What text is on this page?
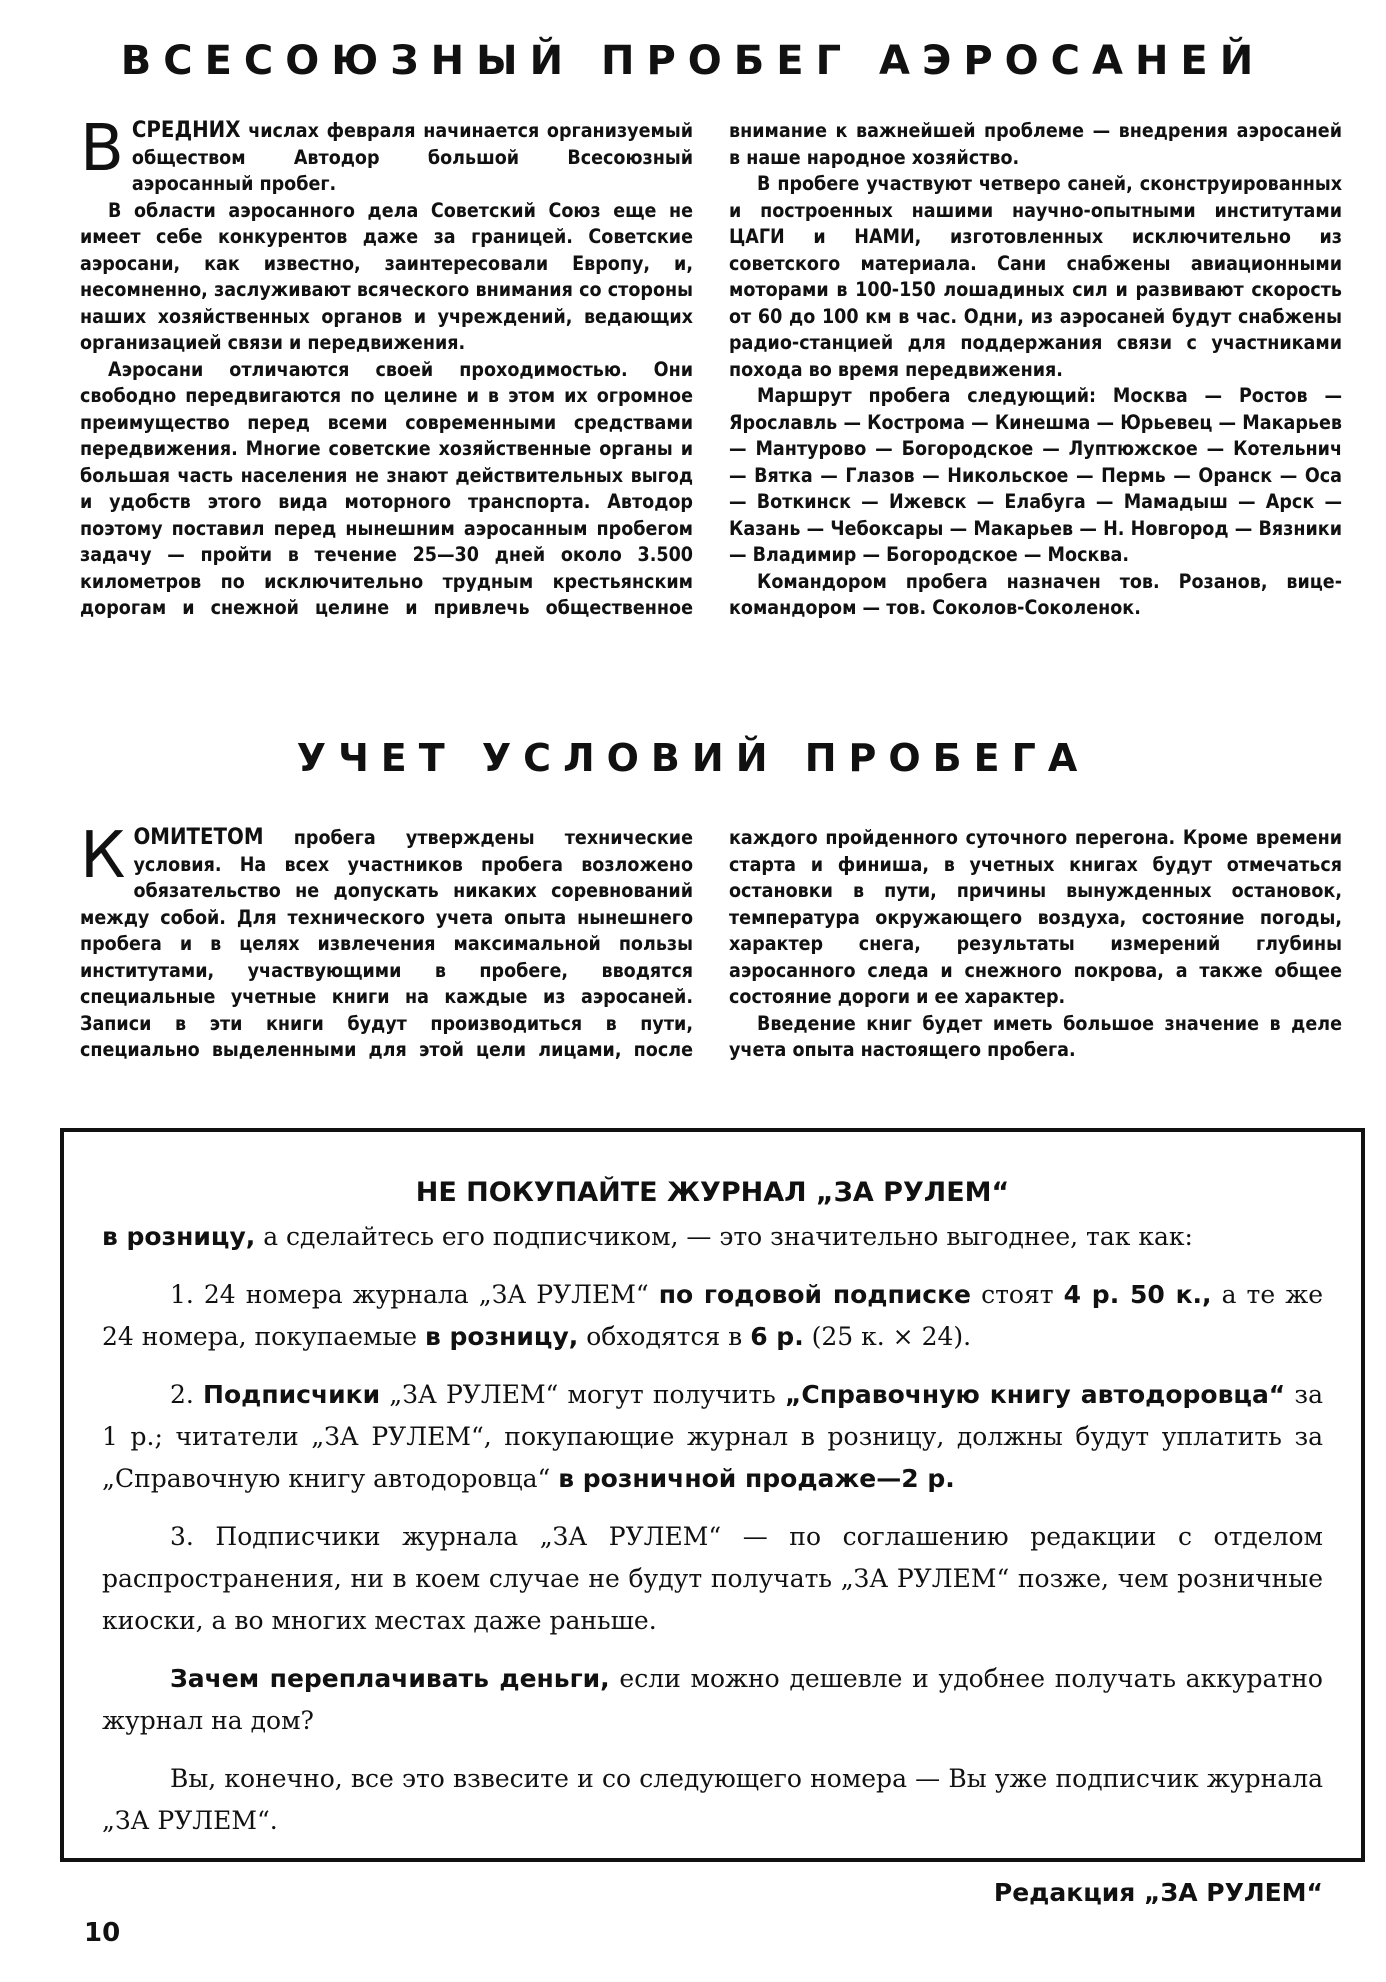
ВСЕСОЮЗНЫЙ ПРОБЕГ АЭРОСАНЕЙ

ВСРЕДНИХ числах февраля начинается организуемый обществом Автодор большой Всесоюзный аэросанный пробег.

В области аэросанного дела Советский Союз еще не имеет себе конкурентов даже за границей. Советские аэросани, как известно, заинтересовали Европу, и, несомненно, заслуживают всяческого внимания со стороны наших хозяйственных органов и учреждений, ведающих организацией связи и передвижения.

Аэросани отличаются своей проходимостью. Они свободно передвигаются по целине и в этом их огромное преимущество перед всеми современными средствами передвижения. Многие советские хозяйственные органы и большая часть населения не знают действительных выгод и удобств этого вида моторного транспорта. Автодор поэтому поставил перед нынешним аэросанным пробегом задачу — пройти в течение 25—30 дней около 3.500 километров по исключительно трудным крестьянским дорогам и снежной целине и привлечь общественное внимание к важнейшей проблеме — внедрения аэросаней в наше народное хозяйство.

В пробеге участвуют четверо саней, сконструированных и построенных нашими научно-опытными институтами ЦАГИ и НАМИ, изготовленных исключительно из советского материала. Сани снабжены авиационными моторами в 100-150 лошадиных сил и развивают скорость от 60 до 100 км в час. Одни, из аэросаней будут снабжены радио-станцией для поддержания связи с участниками похода во время передвижения.

Маршрут пробега следующий: Москва — Ростов — Ярославль — Кострома — Кинешма — Юрьевец — Макарьев — Мантурово — Богородское — Луптюжское — Котельнич — Вятка — Глазов — Никольское — Пермь — Оранск — Оса — Воткинск — Ижевск — Елабуга — Мамадыш — Арск — Казань — Чебоксары — Макарьев — Н. Новгород — Вязники — Владимир — Богородское — Москва.

Командором пробега назначен тов. Розанов, вице-командором — тов. Соколов-Соколенок.

УЧЕТ УСЛОВИЙ ПРОБЕГА

КОМИТЕТОМ пробега утверждены технические условия. На всех участников пробега возложено обязательство не допускать никаких соревнований между собой. Для технического учета опыта нынешнего пробега и в целях извлечения максимальной пользы институтами, участвующими в пробеге, вводятся специальные учетные книги на каждые из аэросаней. Записи в эти книги будут производиться в пути, специально выделенными для этой цели лицами, после каждого пройденного суточного перегона. Кроме времени старта и финиша, в учетных книгах будут отмечаться остановки в пути, причины вынужденных остановок, температура окружающего воздуха, состояние погоды, характер снега, результаты измерений глубины аэросанного следа и снежного покрова, а также общее состояние дороги и ее характер.

Введение книг будет иметь большое значение в деле учета опыта настоящего пробега.

НЕ ПОКУПАЙТЕ ЖУРНАЛ „ЗА РУЛЕМ“

в розницу, а сделайтесь его подписчиком, — это значительно выгоднее, так как:

1. 24 номера журнала „ЗА РУЛЕМ“ по годовой подписке стоят 4 р. 50 к., а те же 24 номера, покупаемые в розницу, обходятся в 6 р. (25 к. × 24).

2. Подписчики „ЗА РУЛЕМ“ могут получить „Справочную книгу автодоровца“ за 1 р.; читатели „ЗА РУЛЕМ“, покупающие журнал в розницу, должны будут уплатить за „Справочную книгу автодоровца“ в розничной продаже—2 р.

3. Подписчики журнала „ЗА РУЛЕМ“ — по соглашению редакции с отделом распространения, ни в коем случае не будут получать „ЗА РУЛЕМ“ позже, чем розничные киоски, а во многих местах даже раньше.

Зачем переплачивать деньги, если можно дешевле и удобнее получать аккуратно журнал на дом?

Вы, конечно, все это взвесите и со следующего номера — Вы уже подписчик журнала „ЗА РУЛЕМ“.

Редакция „ЗА РУЛЕМ“
10
